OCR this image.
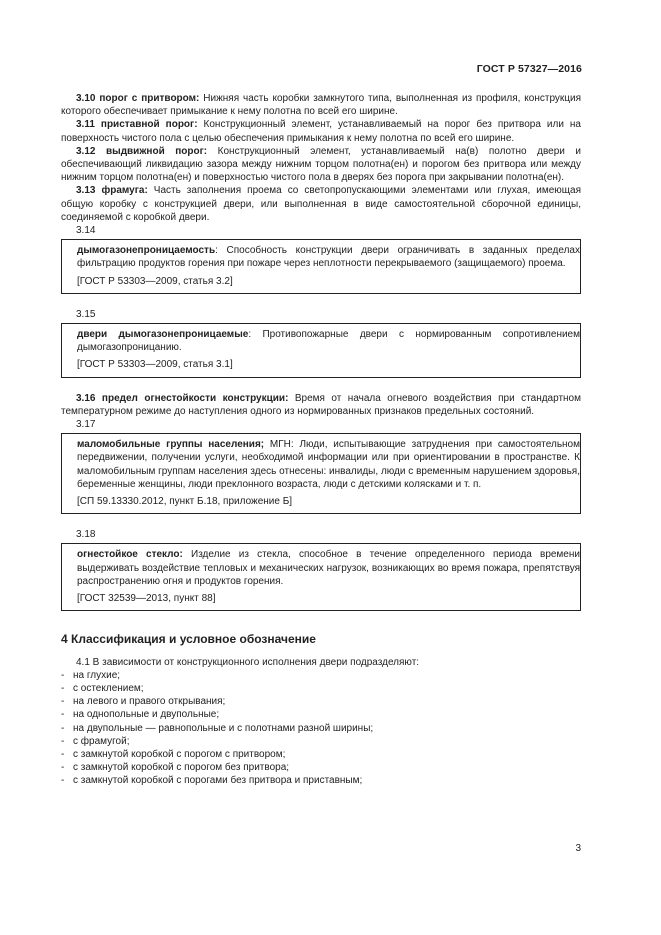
ГОСТ Р 57327—2016

3.10 порог с притвором: Нижняя часть коробки замкнутого типа, выполненная из профиля, конструкция которого обеспечивает примыкание к нему полотна по всей его ширине.

3.11 приставной порог: Конструкционный элемент, устанавливаемый на порог без притвора или на поверхность чистого пола с целью обеспечения примыкания к нему полотна по всей его ширине.

3.12 выдвижной порог: Конструкционный элемент, устанавливаемый на(в) полотно двери и обеспечивающий ликвидацию зазора между нижним торцом полотна(ен) и порогом без притвора или между нижним торцом полотна(ен) и поверхностью чистого пола в дверях без порога при закрывании полотна(ен).

3.13 фрамуга: Часть заполнения проема со светопропускающими элементами или глухая, имеющая общую коробку с конструкцией двери, или выполненная в виде самостоятельной сборочной единицы, соединяемой с коробкой двери.

3.14

дымогазонепроницаемость: Способность конструкции двери ограничивать в заданных пределах фильтрацию продуктов горения при пожаре через неплотности перекрываемого (защищаемого) проема.

[ГОСТ Р 53303—2009, статья 3.2]

3.15

двери дымогазонепроницаемые: Противопожарные двери с нормированным сопротивлением дымогазопроницанию.

[ГОСТ Р 53303—2009, статья 3.1]

3.16 предел огнестойкости конструкции: Время от начала огневого воздействия при стандартном температурном режиме до наступления одного из нормированных признаков предельных состояний.

3.17

маломобильные группы населения; МГН: Люди, испытывающие затруднения при самостоятельном передвижении, получении услуги, необходимой информации или при ориентировании в пространстве. К маломобильным группам населения здесь отнесены: инвалиды, люди с временным нарушением здоровья, беременные женщины, люди преклонного возраста, люди с детскими колясками и т. п.

[СП 59.13330.2012, пункт Б.18, приложение Б]

3.18

огнестойкое стекло: Изделие из стекла, способное в течение определенного периода времени выдерживать воздействие тепловых и механических нагрузок, возникающих во время пожара, препятствуя распространению огня и продуктов горения.

[ГОСТ 32539—2013, пункт 88]

4 Классификация и условное обозначение

4.1 В зависимости от конструкционного исполнения двери подразделяют:

- на глухие;

- с остеклением;

- на левого и правого открывания;

- на однопольные и двупольные;

- на двупольные — равнопольные и с полотнами разной ширины;

- с фрамугой;

- с замкнутой коробкой с порогом с притвором;

- с замкнутой коробкой с порогом без притвора;

- с замкнутой коробкой с порогами без притвора и приставным;

3
